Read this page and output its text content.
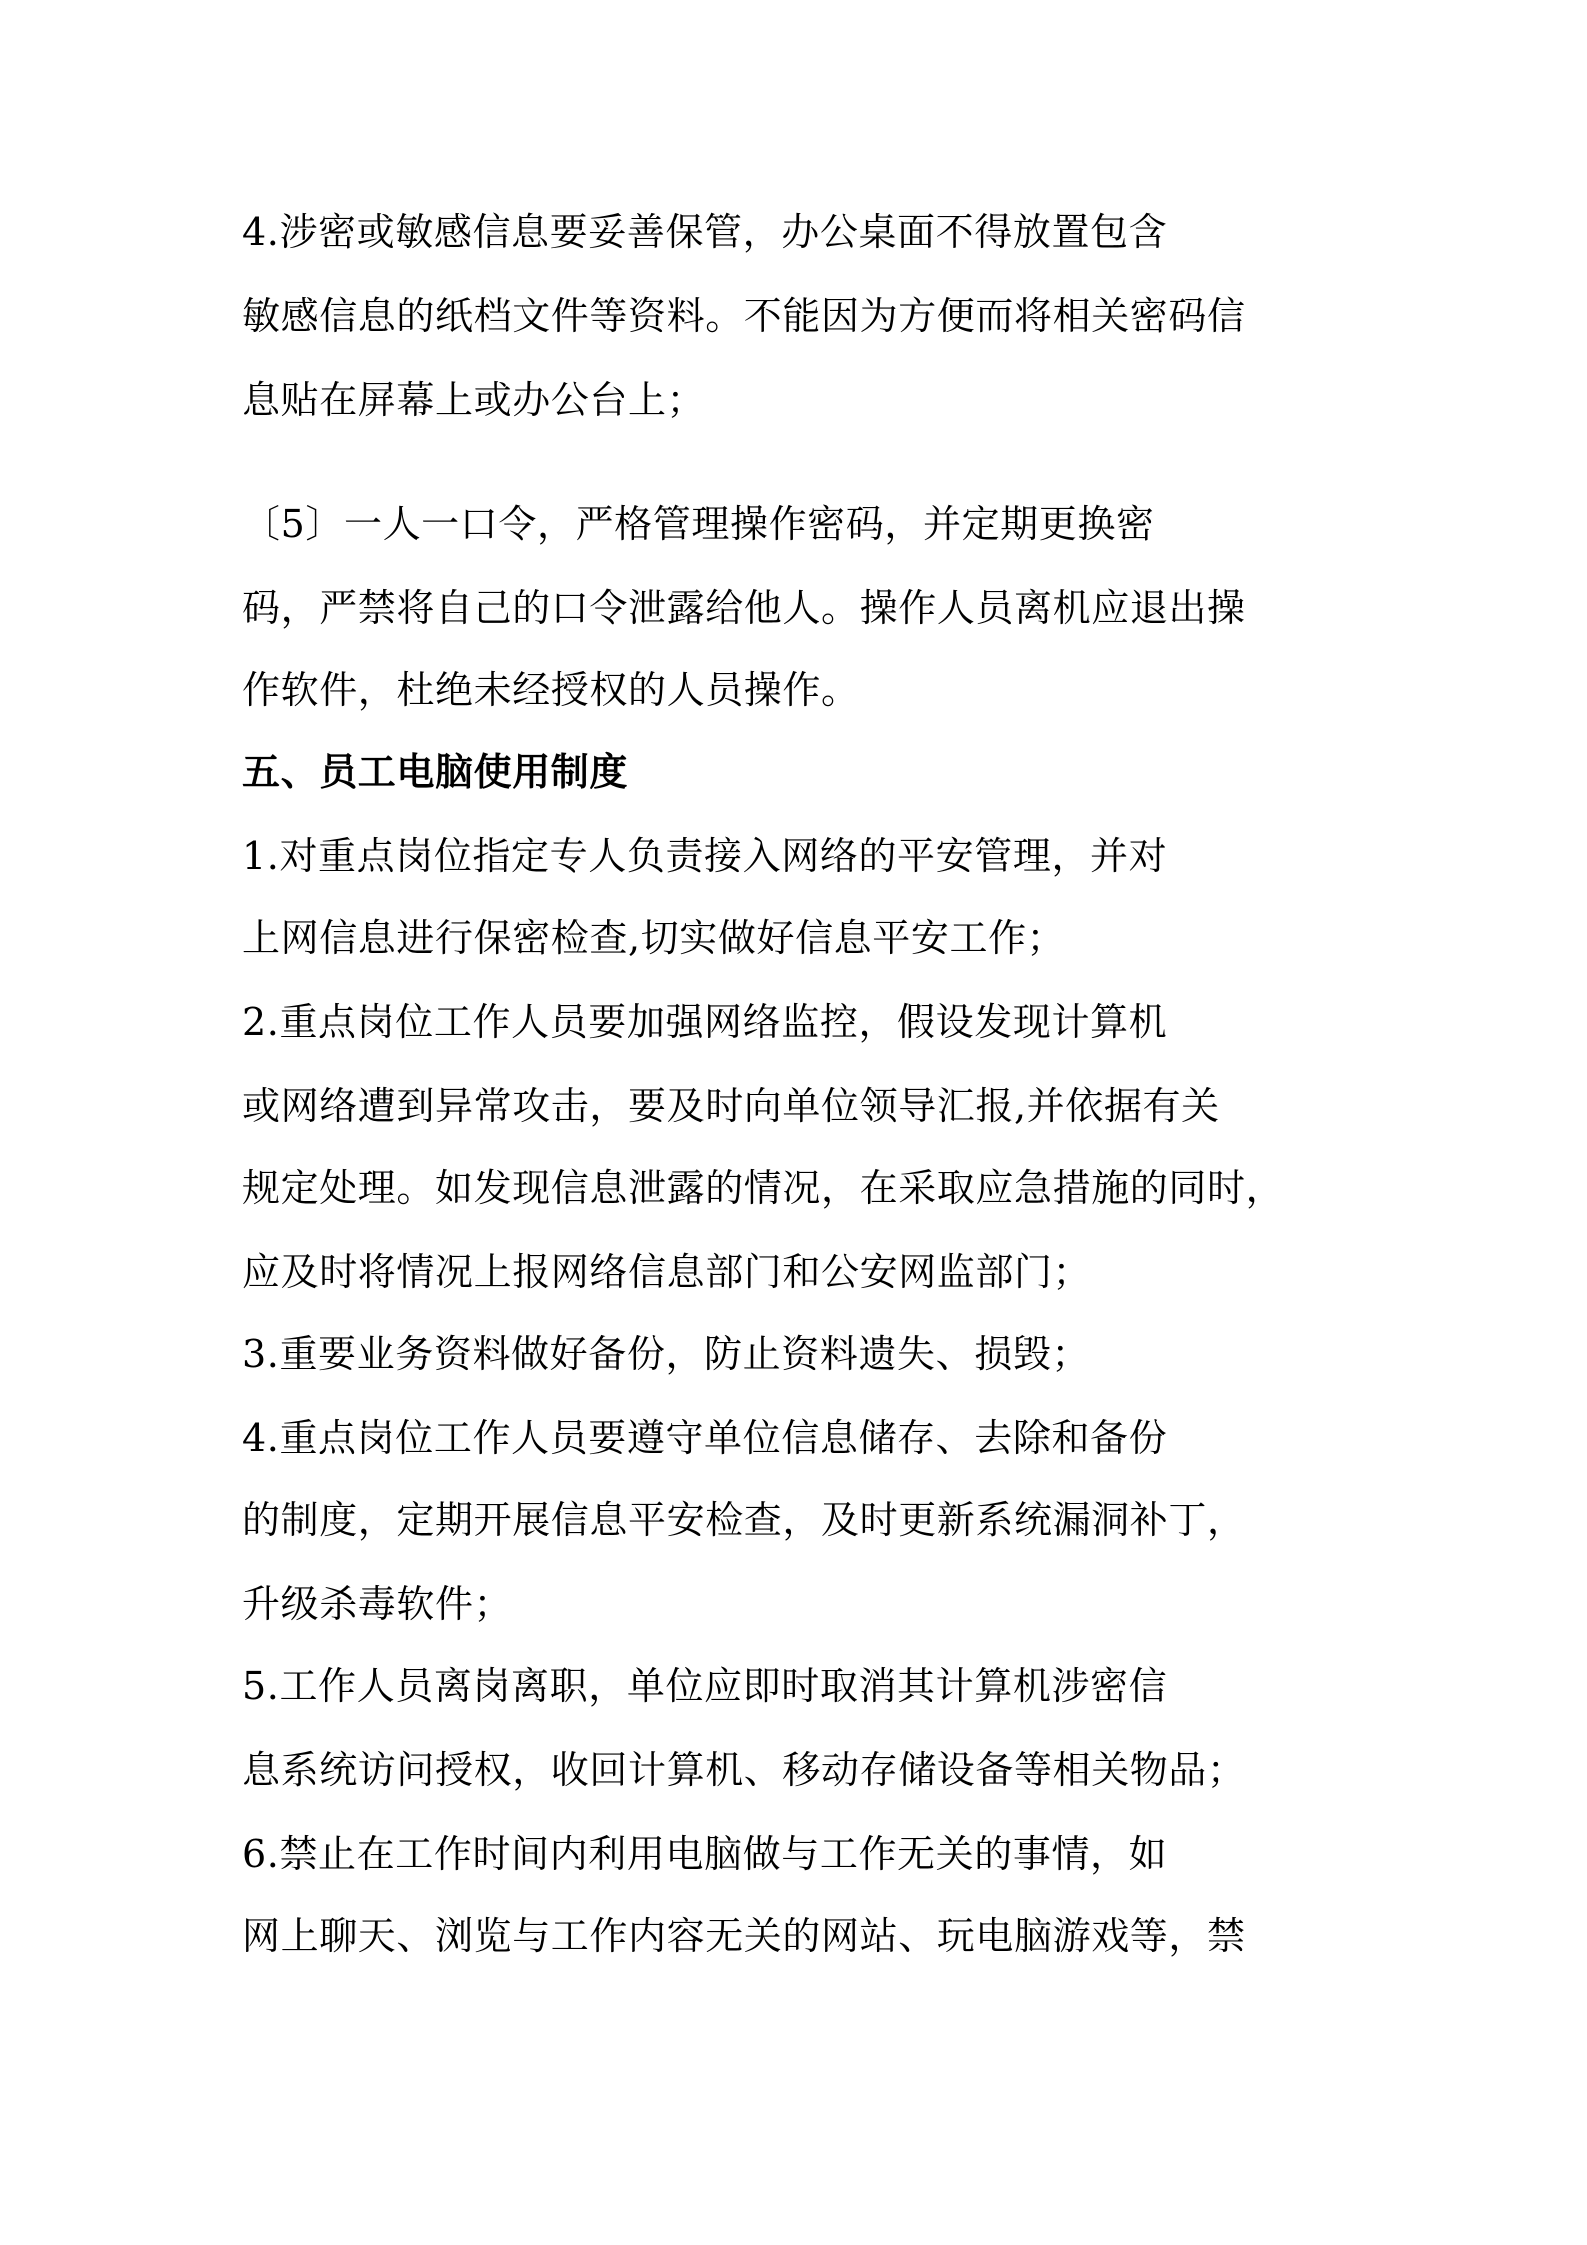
4.涉密或敏感信息要妥善保管，办公桌面不得放置包含
敏感信息的纸档文件等资料。不能因为方便而将相关密码信
息贴在屏幕上或办公台上；
〔5〕一人一口令，严格管理操作密码，并定期更换密
码，严禁将自己的口令泄露给他人。操作人员离机应退出操
作软件，杜绝未经授权的人员操作。
五、员工电脑使用制度
1.对重点岗位指定专人负责接入网络的平安管理，并对
上网信息进行保密检查,切实做好信息平安工作；
2.重点岗位工作人员要加强网络监控，假设发现计算机
或网络遭到异常攻击，要及时向单位领导汇报,并依据有关
规定处理。如发现信息泄露的情况，在采取应急措施的同时，
应及时将情况上报网络信息部门和公安网监部门；
3.重要业务资料做好备份，防止资料遗失、损毁；
4.重点岗位工作人员要遵守单位信息储存、去除和备份
的制度，定期开展信息平安检查，及时更新系统漏洞补丁，
升级杀毒软件；
5.工作人员离岗离职，单位应即时取消其计算机涉密信
息系统访问授权，收回计算机、移动存储设备等相关物品；
6.禁止在工作时间内利用电脑做与工作无关的事情，如
网上聊天、浏览与工作内容无关的网站、玩电脑游戏等，禁
